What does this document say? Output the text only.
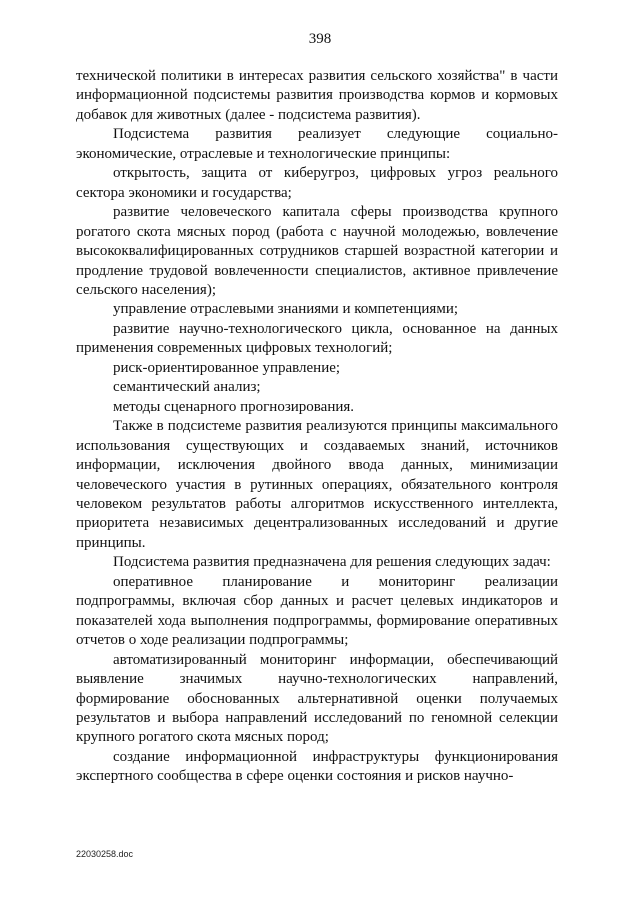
398

технической политики в интересах развития сельского хозяйства" в части информационной подсистемы развития производства кормов и кормовых добавок для животных (далее - подсистема развития).

Подсистема развития реализует следующие социально-экономические, отраслевые и технологические принципы:

открытость, защита от киберугроз, цифровых угроз реального сектора экономики и государства;

развитие человеческого капитала сферы производства крупного рогатого скота мясных пород (работа с научной молодежью, вовлечение высококвалифицированных сотрудников старшей возрастной категории и продление трудовой вовлеченности специалистов, активное привлечение сельского населения);

управление отраслевыми знаниями и компетенциями;

развитие научно-технологического цикла, основанное на данных применения современных цифровых технологий;

риск-ориентированное управление;

семантический анализ;

методы сценарного прогнозирования.

Также в подсистеме развития реализуются принципы максимального использования существующих и создаваемых знаний, источников информации, исключения двойного ввода данных, минимизации человеческого участия в рутинных операциях, обязательного контроля человеком результатов работы алгоритмов искусственного интеллекта, приоритета независимых децентрализованных исследований и другие принципы.

Подсистема развития предназначена для решения следующих задач:

оперативное планирование и мониторинг реализации подпрограммы, включая сбор данных и расчет целевых индикаторов и показателей хода выполнения подпрограммы, формирование оперативных отчетов о ходе реализации подпрограммы;

автоматизированный мониторинг информации, обеспечивающий выявление значимых научно-технологических направлений, формирование обоснованных альтернативной оценки получаемых результатов и выбора направлений исследований по геномной селекции крупного рогатого скота мясных пород;

создание информационной инфраструктуры функционирования экспертного сообщества в сфере оценки состояния и рисков научно-

22030258.doc
